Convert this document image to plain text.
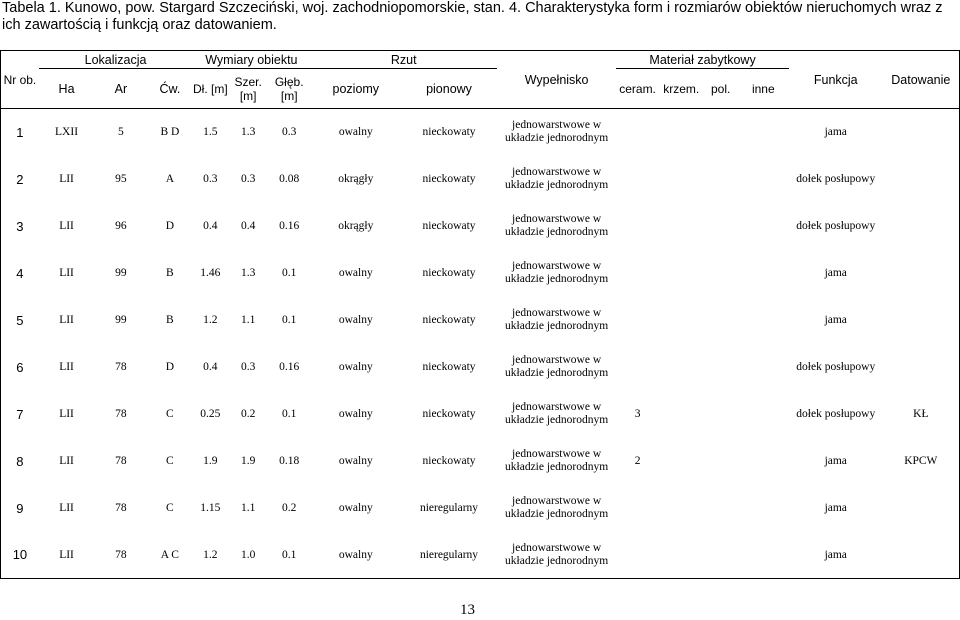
Tabela 1. Kunowo, pow. Stargard Szczeciński, woj. zachodniopomorskie, stan. 4. Charakterystyka form i rozmiarów obiektów nieruchomych wraz z ich zawartością i funkcją oraz datowaniem.
Nr ob.	Lokalizacja			Wymiary obiektu			Rzut		Wypełnisko	Materiał zabytkowy				Funkcja	Datowanie
	Ha	Ar	Ćw.	Dł. [m]	Szer. [m]	Głęb. [m]	poziomy	pionowy		ceram.	krzem.	pol.	inne		
1	LXII	5	B D	1.5	1.3	0.3	owalny	nieckowaty	jednowarstwowe w układzie jednorodnym					jama	
2	LII	95	A	0.3	0.3	0.08	okrągły	nieckowaty	jednowarstwowe w układzie jednorodnym					dołek posłupowy	
3	LII	96	D	0.4	0.4	0.16	okrągły	nieckowaty	jednowarstwowe w układzie jednorodnym					dołek posłupowy	
4	LII	99	B	1.46	1.3	0.1	owalny	nieckowaty	jednowarstwowe w układzie jednorodnym					jama	
5	LII	99	B	1.2	1.1	0.1	owalny	nieckowaty	jednowarstwowe w układzie jednorodnym					jama	
6	LII	78	D	0.4	0.3	0.16	owalny	nieckowaty	jednowarstwowe w układzie jednorodnym					dołek posłupowy	
7	LII	78	C	0.25	0.2	0.1	owalny	nieckowaty	jednowarstwowe w układzie jednorodnym	3				dołek posłupowy	KŁ
8	LII	78	C	1.9	1.9	0.18	owalny	nieckowaty	jednowarstwowe w układzie jednorodnym	2				jama	KPCW
9	LII	78	C	1.15	1.1	0.2	owalny	nieregularny	jednowarstwowe w układzie jednorodnym					jama	
10	LII	78	A C	1.2	1.0	0.1	owalny	nieregularny	jednowarstwowe w układzie jednorodnym					jama	
13
